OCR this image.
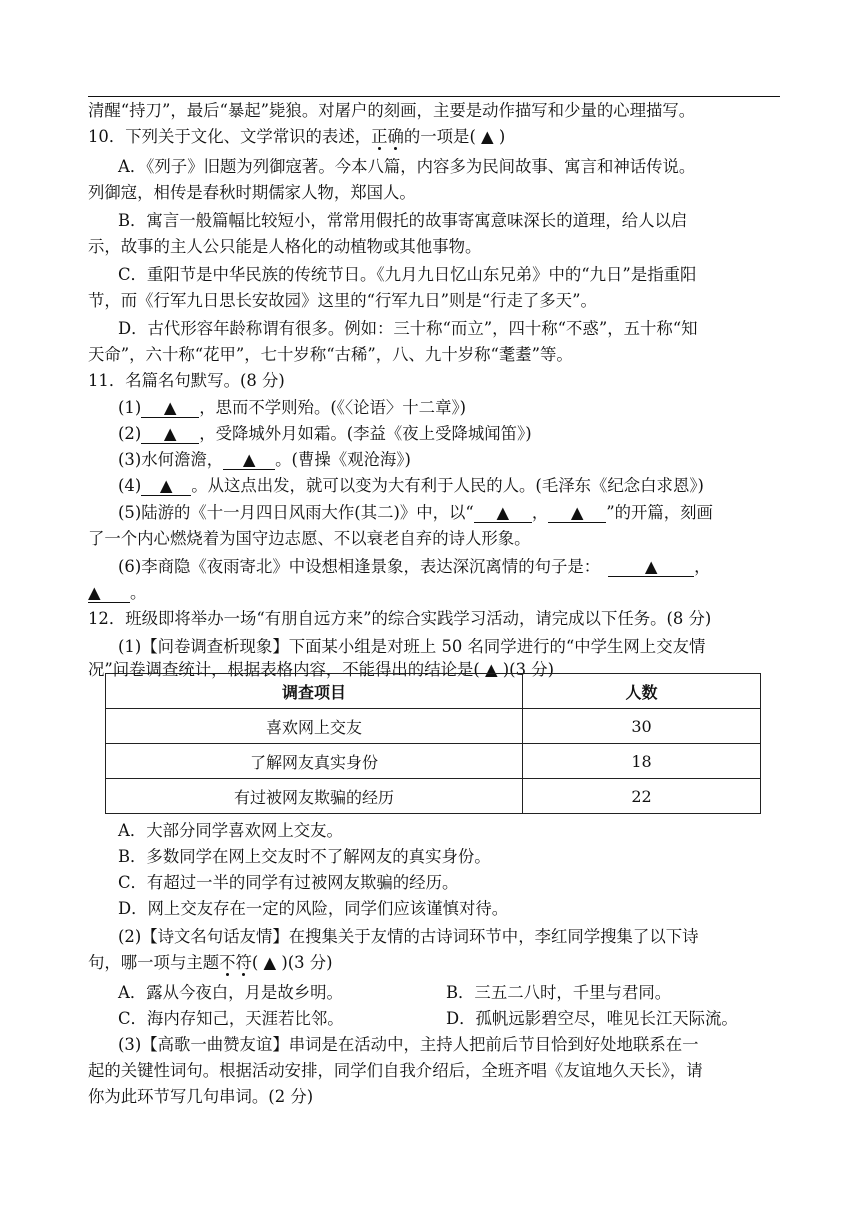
清醒“持刀”，最后“暴起”毙狼。对屠户的刻画，主要是动作描写和少量的心理描写。
10．下列关于文化、文学常识的表述，正确的一项是( ▲ )
A．《列子》旧题为列御寇著。今本八篇，内容多为民间故事、寓言和神话传说。
列御寇，相传是春秋时期儒家人物，郑国人。
B．寓言一般篇幅比较短小，常常用假托的故事寄寓意味深长的道理，给人以启
示，故事的主人公只能是人格化的动植物或其他事物。
C．重阳节是中华民族的传统节日。《九月九日忆山东兄弟》中的“九日”是指重阳
节，而《行军九日思长安故园》这里的“行军九日”则是“行走了多天”。
D．古代形容年龄称谓有很多。例如：三十称“而立”，四十称“不惑”，五十称“知
天命”，六十称“花甲”，七十岁称“古稀”，八、九十岁称“耄耋”等。
11．名篇名句默写。(8 分)
(1) ▲ ，思而不学则殆。(《〈论语〉十二章》)
(2) ▲ ，受降城外月如霜。(李益《夜上受降城闻笛》)
(3)水何澹澹， ▲ 。(曹操《观沧海》)
(4) ▲ 。从这点出发，就可以变为大有利于人民的人。(毛泽东《纪念白求恩》)
(5)陆游的《十一月四日风雨大作(其二)》中，以“ ▲ ， ▲ ”的开篇，刻画
了一个内心燃烧着为国守边志愿、不以衰老自弃的诗人形象。
(6)李商隐《夜雨寄北》中设想相逢景象，表达深沉离情的句子是：	▲ ，
▲ 。
12．班级即将举办一场“有朋自远方来”的综合实践学习活动，请完成以下任务。(8 分)
(1)【问卷调查析现象】下面某小组是对班上 50 名同学进行的“中学生网上交友情
况”问卷调查统计，根据表格内容，不能得出的结论是( ▲ )(3 分)
调查项目	人数
喜欢网上交友	30
了解网友真实身份	18
有过被网友欺骗的经历	22
A．大部分同学喜欢网上交友。
B．多数同学在网上交友时不了解网友的真实身份。
C．有超过一半的同学有过被网友欺骗的经历。
D．网上交友存在一定的风险，同学们应该谨慎对待。
(2)【诗文名句话友情】在搜集关于友情的古诗词环节中，李红同学搜集了以下诗
句，哪一项与主题不符( ▲ )(3 分)
A．露从今夜白，月是故乡明。	B．三五二八时，千里与君同。
C．海内存知己，天涯若比邻。	D．孤帆远影碧空尽，唯见长江天际流。
(3)【高歌一曲赞友谊】串词是在活动中，主持人把前后节目恰到好处地联系在一
起的关键性词句。根据活动安排，同学们自我介绍后，全班齐唱《友谊地久天长》，请
你为此环节写几句串词。(2 分)
